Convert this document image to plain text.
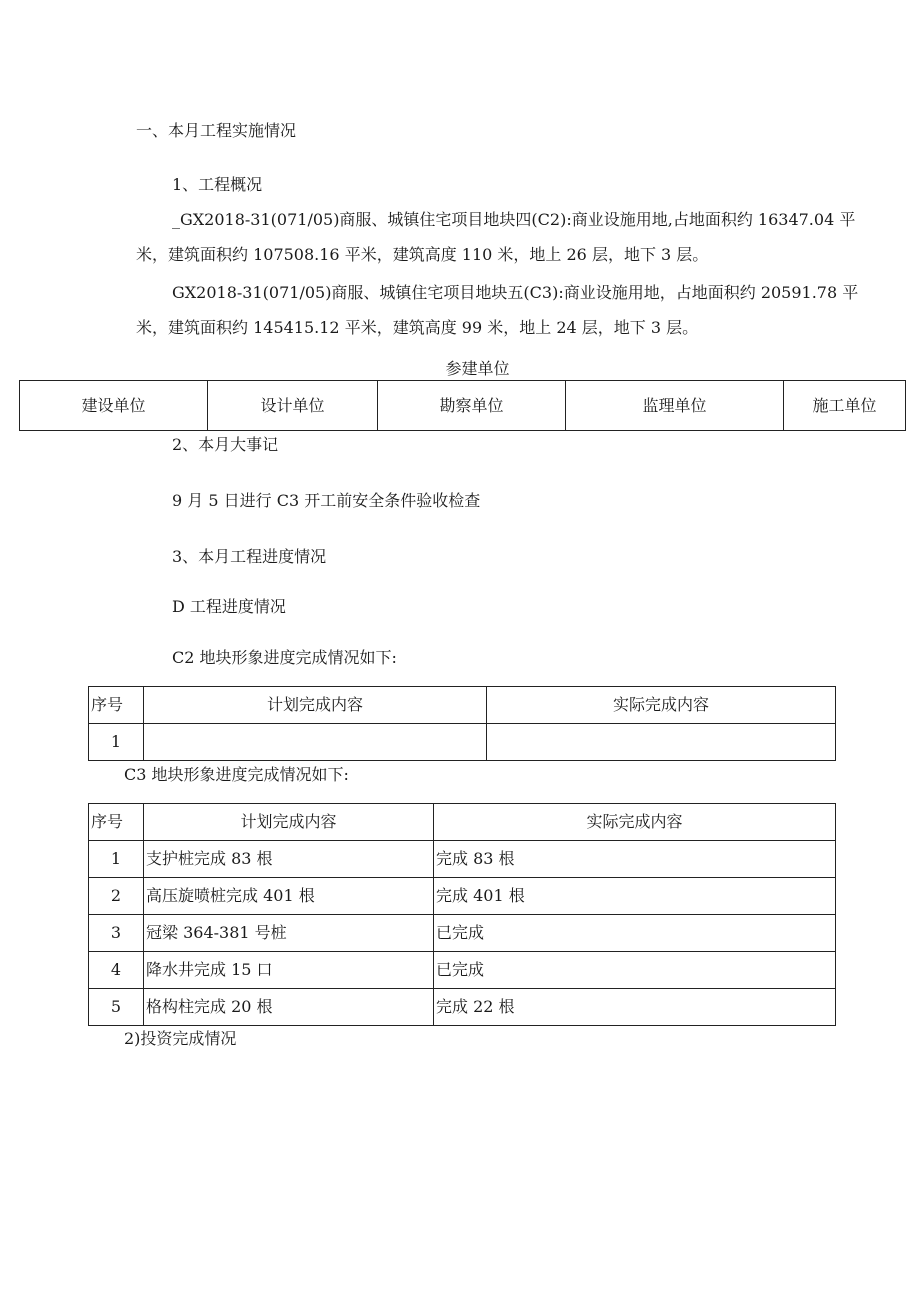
一、本月工程实施情况
1、工程概况
_GX2018-31(071/05)商服、城镇住宅项目地块四(C2):商业设施用地,占地面积约 16347.04 平
米，建筑面积约 107508.16 平米，建筑高度 110 米，地上 26 层，地下 3 层。
GX2018-31(071/05)商服、城镇住宅项目地块五(C3):商业设施用地，占地面积约 20591.78 平
米，建筑面积约 145415.12 平米，建筑高度 99 米，地上 24 层，地下 3 层。
参建单位
建设单位	设计单位	勘察单位	监理单位	施工单位
2、本月大事记
9 月 5 日进行 C3 开工前安全条件验收检查
3、本月工程进度情况
D 工程进度情况
C2 地块形象进度完成情况如下:
序号	计划完成内容	实际完成内容
1		
C3 地块形象进度完成情况如下:
序号	计划完成内容	实际完成内容
1	支护桩完成 83 根	完成 83 根
2	高压旋喷桩完成 401 根	完成 401 根
3	冠梁 364-381 号桩	已完成
4	降水井完成 15 口	已完成
5	格构柱完成 20 根	完成 22 根
2)投资完成情况
